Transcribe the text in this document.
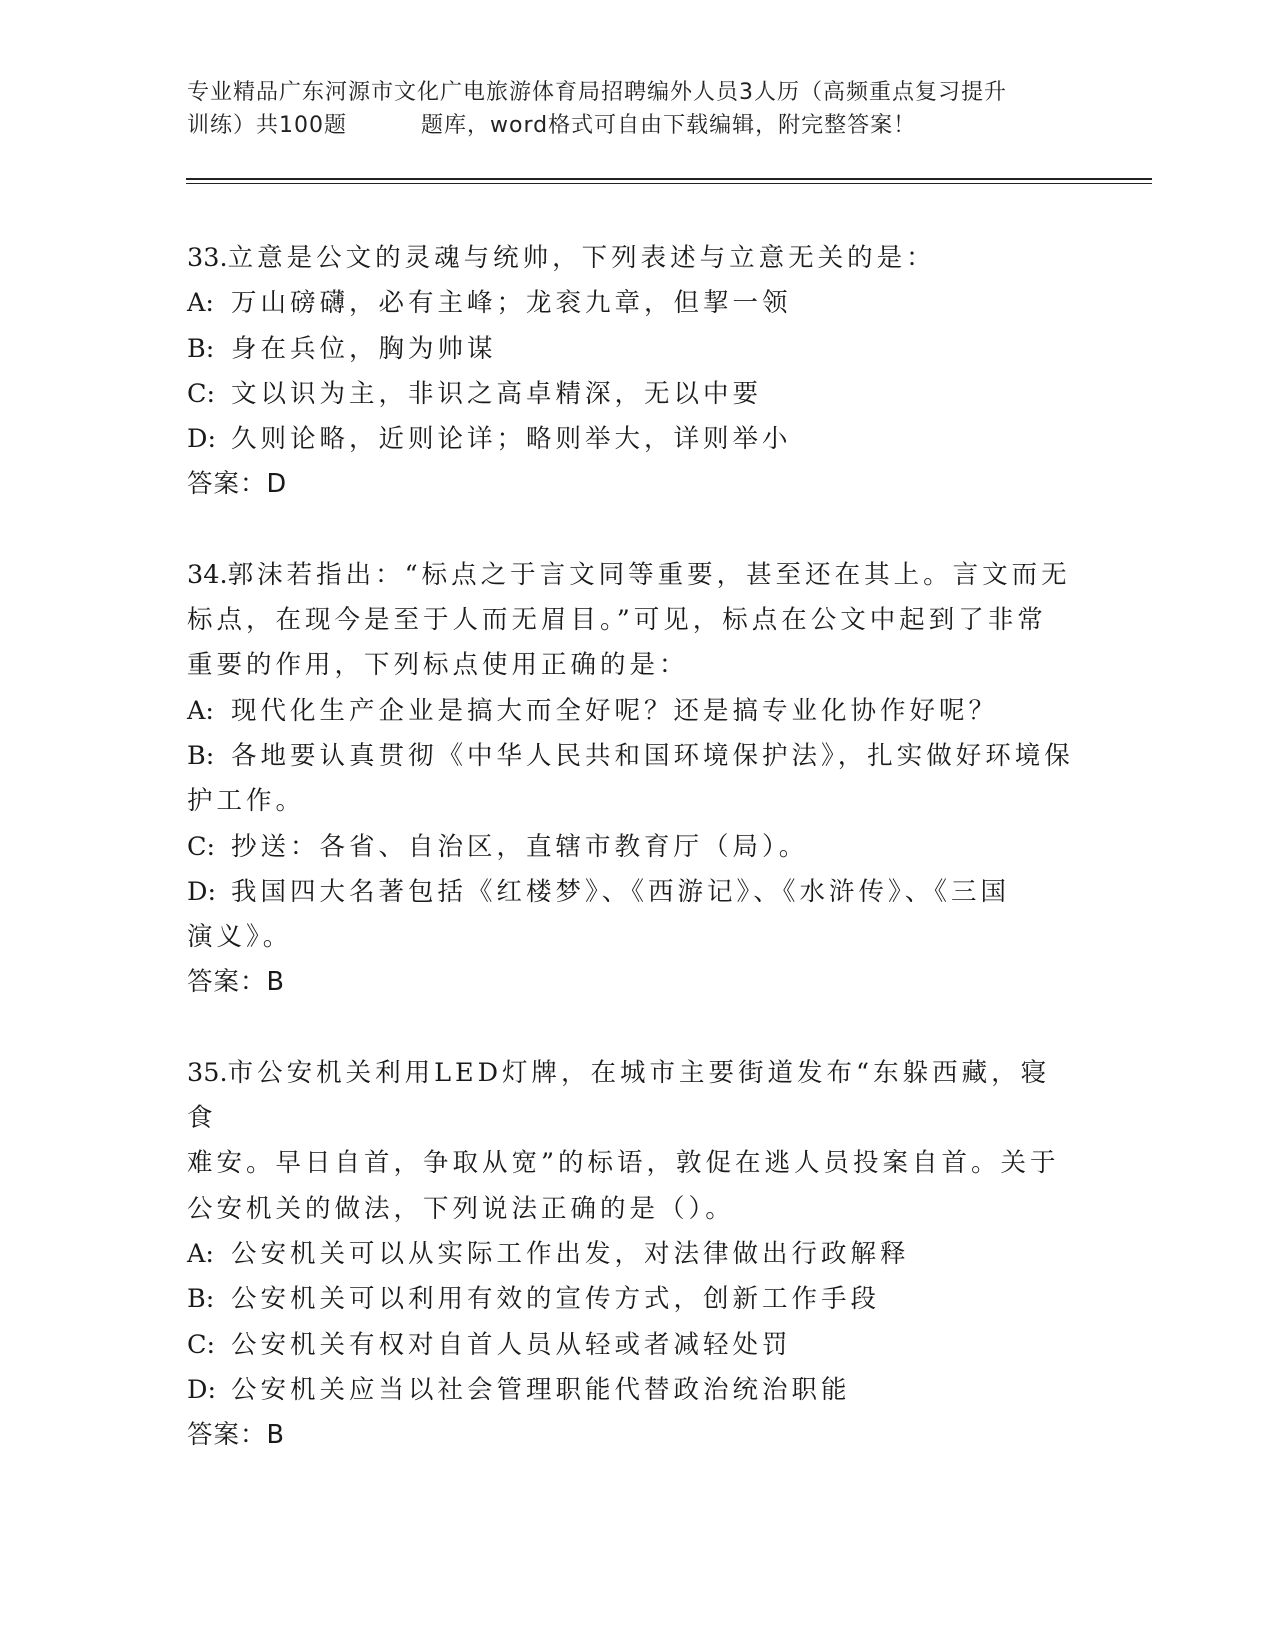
专业精品广东河源市文化广电旅游体育局招聘编外人员3人历（高频重点复习提升
训练）共100题	题库，word格式可自由下载编辑，附完整答案！
33.立意是公文的灵魂与统帅，下列表述与立意无关的是：
A: 万山磅礴，必有主峰；龙衮九章，但挈一领
B: 身在兵位，胸为帅谋
C: 文以识为主，非识之高卓精深，无以中要
D: 久则论略，近则论详；略则举大，详则举小
答案：D
34.郭沫若指出：“标点之于言文同等重要，甚至还在其上。言文而无
标点，在现今是至于人而无眉目。”可见，标点在公文中起到了非常
重要的作用，下列标点使用正确的是：
A: 现代化生产企业是搞大而全好呢？还是搞专业化协作好呢？
B: 各地要认真贯彻《中华人民共和国环境保护法》，扎实做好环境保
护工作。
C: 抄送：各省、自治区，直辖市教育厅（局）。
D: 我国四大名著包括《红楼梦》、《西游记》、《水浒传》、《三国
演义》。
答案：B
35.市公安机关利用LED灯牌，在城市主要街道发布“东躲西藏，寝食
难安。早日自首，争取从宽”的标语，敦促在逃人员投案自首。关于
公安机关的做法，下列说法正确的是（）。
A: 公安机关可以从实际工作出发，对法律做出行政解释
B: 公安机关可以利用有效的宣传方式，创新工作手段
C: 公安机关有权对自首人员从轻或者减轻处罚
D: 公安机关应当以社会管理职能代替政治统治职能
答案：B
